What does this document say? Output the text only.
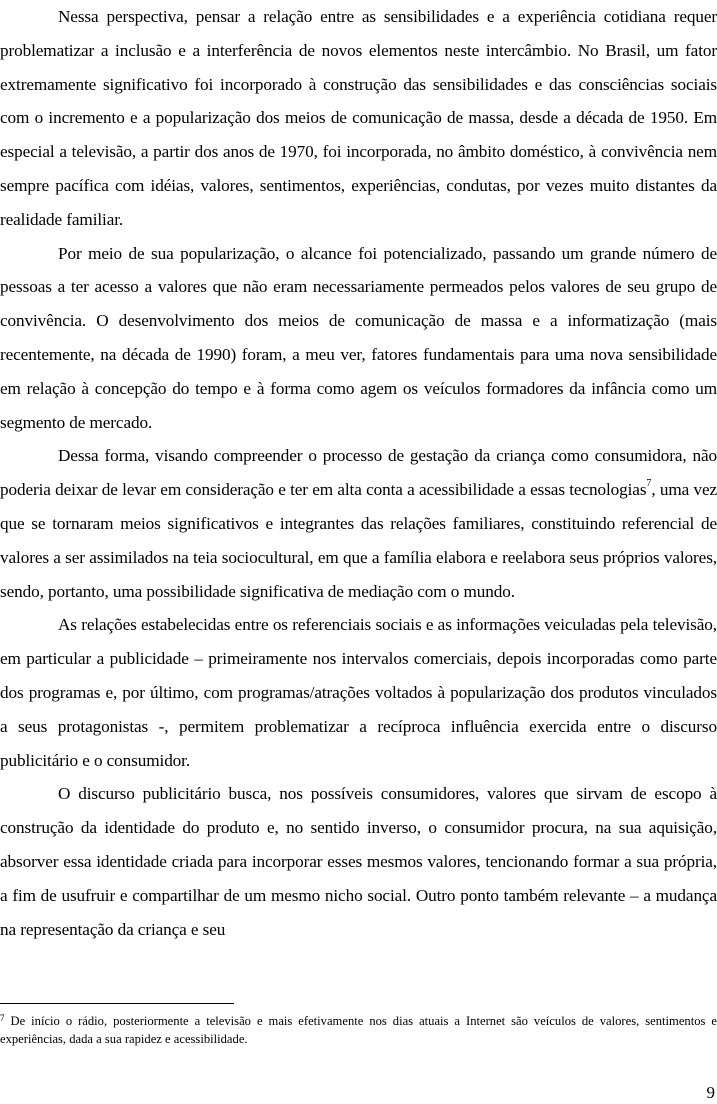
Nessa perspectiva, pensar a relação entre as sensibilidades e a experiência cotidiana requer problematizar a inclusão e a interferência de novos elementos neste intercâmbio. No Brasil, um fator extremamente significativo foi incorporado à construção das sensibilidades e das consciências sociais com o incremento e a popularização dos meios de comunicação de massa, desde a década de 1950. Em especial a televisão, a partir dos anos de 1970, foi incorporada, no âmbito doméstico, à convivência nem sempre pacífica com idéias, valores, sentimentos, experiências, condutas, por vezes muito distantes da realidade familiar.

Por meio de sua popularização, o alcance foi potencializado, passando um grande número de pessoas a ter acesso a valores que não eram necessariamente permeados pelos valores de seu grupo de convivência. O desenvolvimento dos meios de comunicação de massa e a informatização (mais recentemente, na década de 1990) foram, a meu ver, fatores fundamentais para uma nova sensibilidade em relação à concepção do tempo e à forma como agem os veículos formadores da infância como um segmento de mercado.

Dessa forma, visando compreender o processo de gestação da criança como consumidora, não poderia deixar de levar em consideração e ter em alta conta a acessibilidade a essas tecnologias$^7$, uma vez que se tornaram meios significativos e integrantes das relações familiares, constituindo referencial de valores a ser assimilados na teia sociocultural, em que a família elabora e reelabora seus próprios valores, sendo, portanto, uma possibilidade significativa de mediação com o mundo.

As relações estabelecidas entre os referenciais sociais e as informações veiculadas pela televisão, em particular a publicidade – primeiramente nos intervalos comerciais, depois incorporadas como parte dos programas e, por último, com programas/atrações voltados à popularização dos produtos vinculados a seus protagonistas -, permitem problematizar a recíproca influência exercida entre o discurso publicitário e o consumidor.

O discurso publicitário busca, nos possíveis consumidores, valores que sirvam de escopo à construção da identidade do produto e, no sentido inverso, o consumidor procura, na sua aquisição, absorver essa identidade criada para incorporar esses mesmos valores, tencionando formar a sua própria, a fim de usufruir e compartilhar de um mesmo nicho social. Outro ponto também relevante – a mudança na representação da criança e seu

$^7$ De início o rádio, posteriormente a televisão e mais efetivamente nos dias atuais a Internet são veículos de valores, sentimentos e experiências, dada a sua rapidez e acessibilidade.

9
